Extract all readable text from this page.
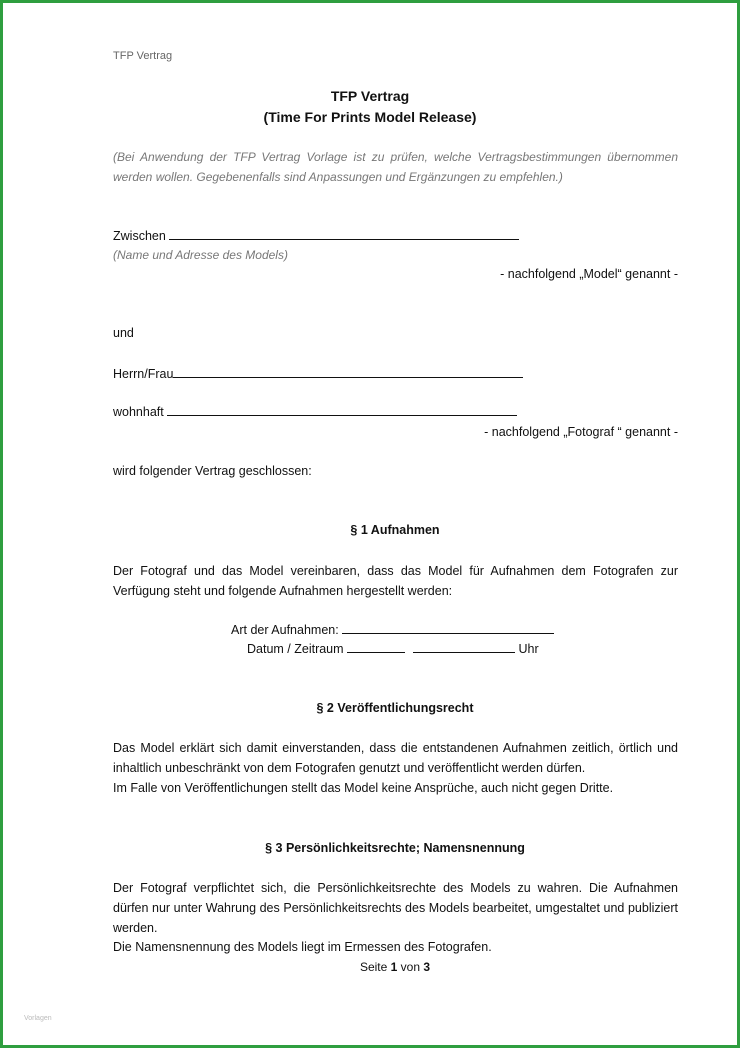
TFP Vertrag
TFP Vertrag
(Time For Prints Model Release)
(Bei Anwendung der TFP Vertrag Vorlage ist zu prüfen, welche Vertragsbestimmungen übernommen werden wollen. Gegebenenfalls sind Anpassungen und Ergänzungen zu empfehlen.)
Zwischen
(Name und Adresse des Models)
- nachfolgend „Model“ genannt -
und
Herrn/Frau
wohnhaft
- nachfolgend „Fotograf “ genannt -
wird folgender Vertrag geschlossen:
§ 1 Aufnahmen
Der Fotograf und das Model vereinbaren, dass das Model für Aufnahmen dem Fotografen zur Verfügung steht und folgende Aufnahmen hergestellt werden:
Art der Aufnahmen:
Datum / Zeitraum	Uhr
§ 2 Veröffentlichungsrecht
Das Model erklärt sich damit einverstanden, dass die entstandenen Aufnahmen zeitlich, örtlich und inhaltlich unbeschränkt von dem Fotografen genutzt und veröffentlicht werden dürfen.
Im Falle von Veröffentlichungen stellt das Model keine Ansprüche, auch nicht gegen Dritte.
§ 3 Persönlichkeitsrechte; Namensnennung
Der Fotograf verpflichtet sich, die Persönlichkeitsrechte des Models zu wahren. Die Aufnahmen dürfen nur unter Wahrung des Persönlichkeitsrechts des Models bearbeitet, umgestaltet und publiziert werden.
Die Namensnennung des Models liegt im Ermessen des Fotografen.
Seite 1 von 3
Vorlagen
